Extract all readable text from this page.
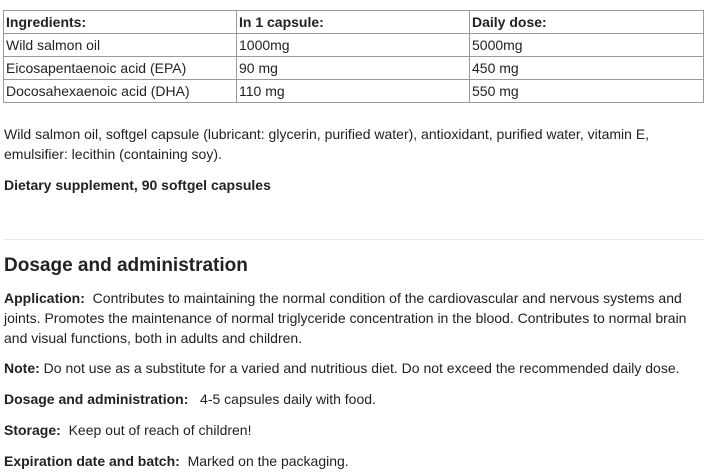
Ingredients:	In 1 capsule:	Daily dose:
Wild salmon oil	1000mg	5000mg
Eicosapentaenoic acid (EPA)	90 mg	450 mg
Docosahexaenoic acid (DHA)	110 mg	550 mg

Wild salmon oil, softgel capsule (lubricant: glycerin, purified water), antioxidant, purified water, vitamin E, emulsifier: lecithin (containing soy).

Dietary supplement, 90 softgel capsules

Dosage and administration

Application: Contributes to maintaining the normal condition of the cardiovascular and nervous systems and joints. Promotes the maintenance of normal triglyceride concentration in the blood. Contributes to normal brain and visual functions, both in adults and children.

Note: Do not use as a substitute for a varied and nutritious diet. Do not exceed the recommended daily dose.

Dosage and administration: 4-5 capsules daily with food.

Storage: Keep out of reach of children!

Expiration date and batch: Marked on the packaging.
